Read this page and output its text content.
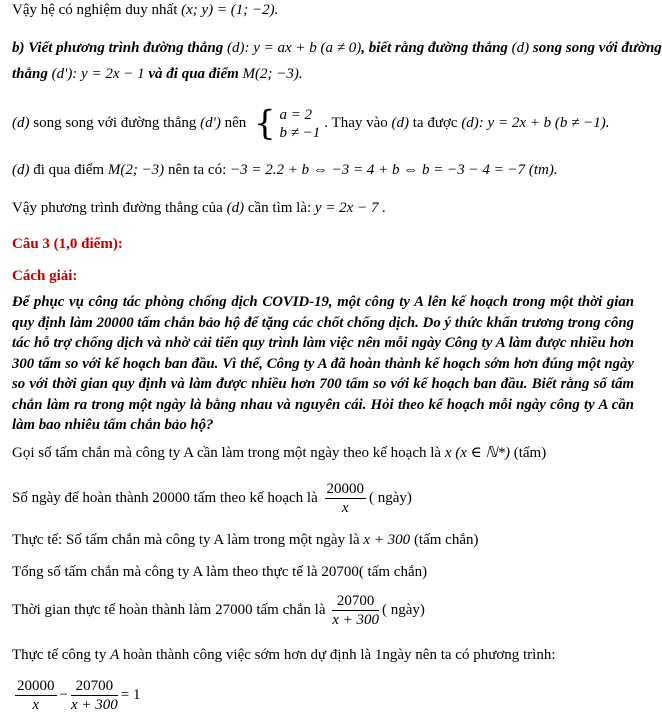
Vậy hệ có nghiệm duy nhất (x; y) = (1; −2).
b) Viết phương trình đường thẳng (d): y = ax + b (a ≠ 0), biết rằng đường thẳng (d) song song với đường
thẳng (d'): y = 2x − 1 và đi qua điểm M(2; −3).
(d) song song với đường thẳng (d') nên { a = 2
b ≠ −1
. Thay vào (d) ta được (d): y = 2x + b (b ≠ −1).
(d) đi qua điểm M(2; −3) nên ta có: −3 = 2.2 + b ⇔ −3 = 4 + b ⇔ b = −3 − 4 = −7 (tm).
Vậy phương trình đường thẳng của (d) cần tìm là: y = 2x − 7 .
Câu 3 (1,0 điểm):
Cách giải:
Để phục vụ công tác phòng chống dịch COVID-19, một công ty A lên kế hoạch trong một thời gian quy định làm 20000 tấm chắn bảo hộ để tặng các chốt chống dịch. Do ý thức khẩn trương trong công tác hỗ trợ chống dịch và nhờ cải tiến quy trình làm việc nên mỗi ngày Công ty A làm được nhiều hơn 300 tấm so với kế hoạch ban đầu. Vì thế, Công ty A đã hoàn thành kế hoạch sớm hơn đúng một ngày so với thời gian quy định và làm được nhiều hơn 700 tấm so với kế hoạch ban đầu. Biết rằng số tấm chắn làm ra trong một ngày là bằng nhau và nguyên cái. Hỏi theo kế hoạch mỗi ngày công ty A cần làm bao nhiêu tấm chắn bảo hộ?
Gọi số tấm chắn mà công ty A cần làm trong một ngày theo kế hoạch là x (x ∈ ℕ*) (tấm)
Số ngày để hoàn thành 20000 tấm theo kế hoạch là $\frac{20000}{x}$ ( ngày)
Thực tế: Số tấm chắn mà công ty A làm trong một ngày là x + 300 (tấm chắn)
Tổng số tấm chắn mà công ty A làm theo thực tế là 20700( tấm chắn)
Thời gian thực tế hoàn thành làm 27000 tấm chắn là $\frac{20700}{x + 300}$ ( ngày)
Thực tế công ty A hoàn thành công việc sớm hơn dự định là 1ngày nên ta có phương trình:
$\frac{20000}{x} - \frac{20700}{x + 300} = 1$
